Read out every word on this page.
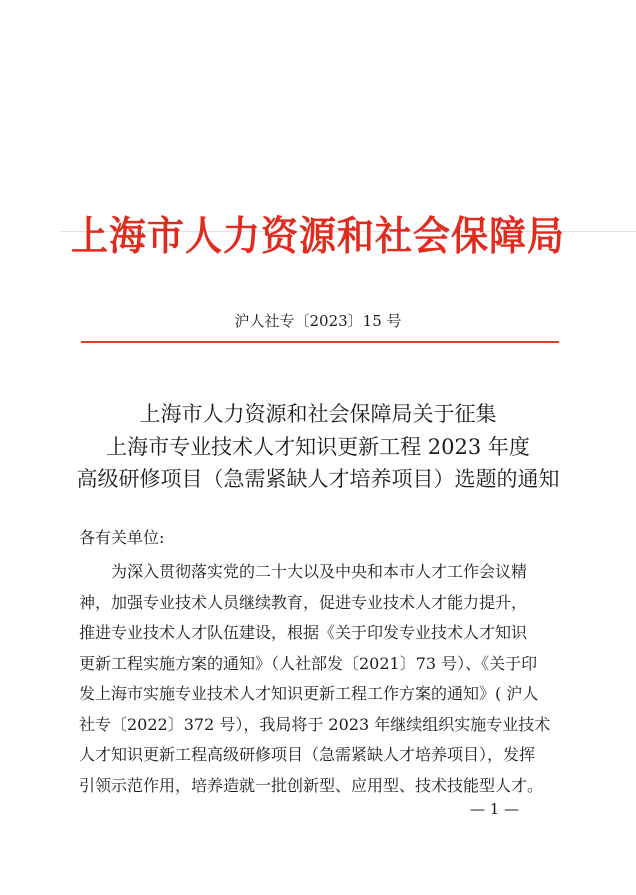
上海市人力资源和社会保障局
沪人社专〔2023〕15 号
上海市人力资源和社会保障局关于征集
上海市专业技术人才知识更新工程 2023 年度
高级研修项目（急需紧缺人才培养项目）选题的通知
各有关单位:
为深入贯彻落实党的二十大以及中央和本市人才工作会议精
神，加强专业技术人员继续教育，促进专业技术人才能力提升，
推进专业技术人才队伍建设，根据《关于印发专业技术人才知识
更新工程实施方案的通知》（人社部发〔2021〕73 号）、《关于印
发上海市实施专业技术人才知识更新工程工作方案的通知》( 沪人
社专〔2022〕372 号），我局将于 2023 年继续组织实施专业技术
人才知识更新工程高级研修项目（急需紧缺人才培养项目），发挥
引领示范作用，培养造就一批创新型、应用型、技术技能型人才。
— 1 —
